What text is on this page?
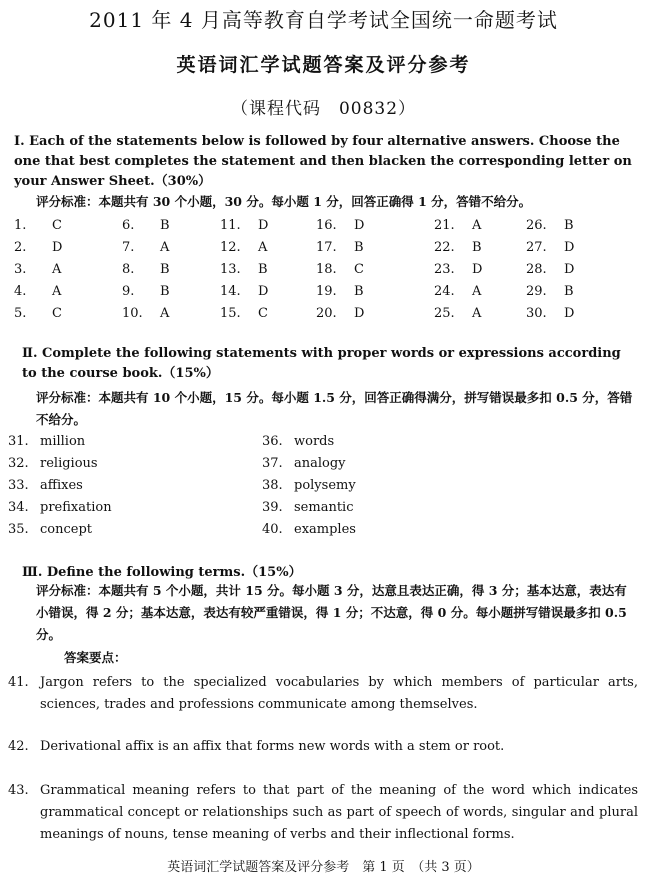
2011 年 4 月高等教育自学考试全国统一命题考试
英语词汇学试题答案及评分参考
（课程代码　00832）
I. Each of the statements below is followed by four alternative answers. Choose the one that best completes the statement and then blacken the corresponding letter on your Answer Sheet.（30%）
评分标准：本题共有 30 个小题，30 分。每小题 1 分，回答正确得 1 分，答错不给分。
1. C
2. D
3. A
4. A
5. C
6. B
7. A
8. B
9. B
10. A
11. D
12. A
13. B
14. D
15. C
16. D
17. B
18. C
19. B
20. D
21. A
22. B
23. D
24. A
25. A
26. B
27. D
28. D
29. B
30. D
Ⅱ. Complete the following statements with proper words or expressions according to the course book.（15%）
评分标准：本题共有 10 个小题，15 分。每小题 1.5 分，回答正确得满分，拼写错误最多扣 0.5 分，答错不给分。
31. million
32. religious
33. affixes
34. prefixation
35. concept
36. words
37. analogy
38. polysemy
39. semantic
40. examples
Ⅲ. Define the following terms.（15%）
评分标准：本题共有 5 个小题，共计 15 分。每小题 3 分，达意且表达正确，得 3 分；基本达意，表达有小错误，得 2 分；基本达意，表达有较严重错误，得 1 分；不达意，得 0 分。每小题拼写错误最多扣 0.5 分。
答案要点：
41. Jargon refers to the specialized vocabularies by which members of particular arts, sciences, trades and professions communicate among themselves.
42. Derivational affix is an affix that forms new words with a stem or root.
43. Grammatical meaning refers to that part of the meaning of the word which indicates grammatical concept or relationships such as part of speech of words, singular and plural meanings of nouns, tense meaning of verbs and their inflectional forms.
英语词汇学试题答案及评分参考　第 1 页　（共 3 页）
